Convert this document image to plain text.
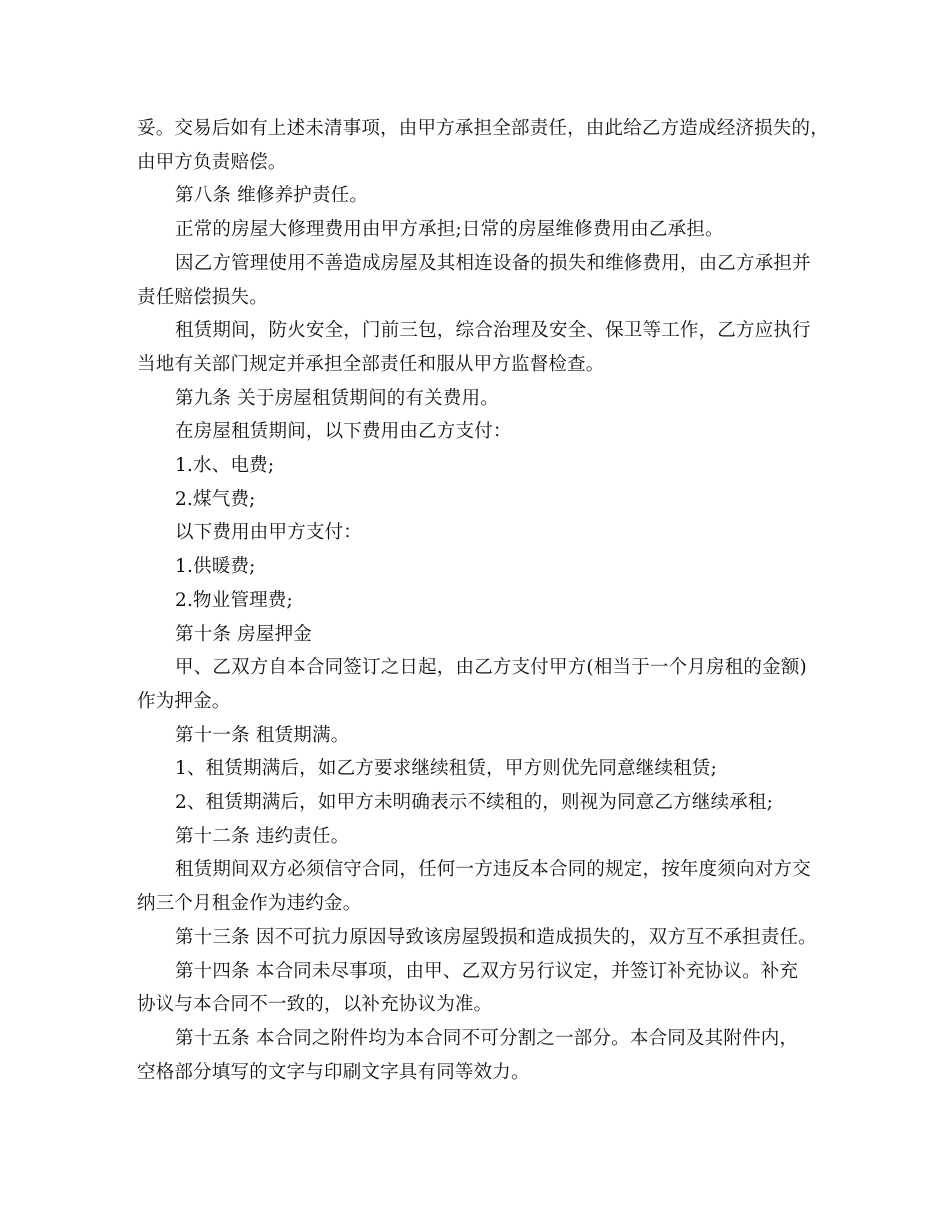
妥。交易后如有上述未清事项，由甲方承担全部责任，由此给乙方造成经济损失的，

由甲方负责赔偿。

第八条 维修养护责任。

正常的房屋大修理费用由甲方承担;日常的房屋维修费用由乙承担。

因乙方管理使用不善造成房屋及其相连设备的损失和维修费用，由乙方承担并

责任赔偿损失。

租赁期间，防火安全，门前三包，综合治理及安全、保卫等工作，乙方应执行

当地有关部门规定并承担全部责任和服从甲方监督检查。

第九条 关于房屋租赁期间的有关费用。

在房屋租赁期间，以下费用由乙方支付：

1.水、电费;

2.煤气费;

以下费用由甲方支付：

1.供暖费;

2.物业管理费;

第十条 房屋押金

甲、乙双方自本合同签订之日起，由乙方支付甲方(相当于一个月房租的金额)

作为押金。

第十一条 租赁期满。

1、租赁期满后，如乙方要求继续租赁，甲方则优先同意继续租赁;

2、租赁期满后，如甲方未明确表示不续租的，则视为同意乙方继续承租;

第十二条 违约责任。

租赁期间双方必须信守合同，任何一方违反本合同的规定，按年度须向对方交

纳三个月租金作为违约金。

第十三条 因不可抗力原因导致该房屋毁损和造成损失的，双方互不承担责任。

第十四条 本合同未尽事项，由甲、乙双方另行议定，并签订补充协议。补充

协议与本合同不一致的，以补充协议为准。

第十五条 本合同之附件均为本合同不可分割之一部分。本合同及其附件内，

空格部分填写的文字与印刷文字具有同等效力。
